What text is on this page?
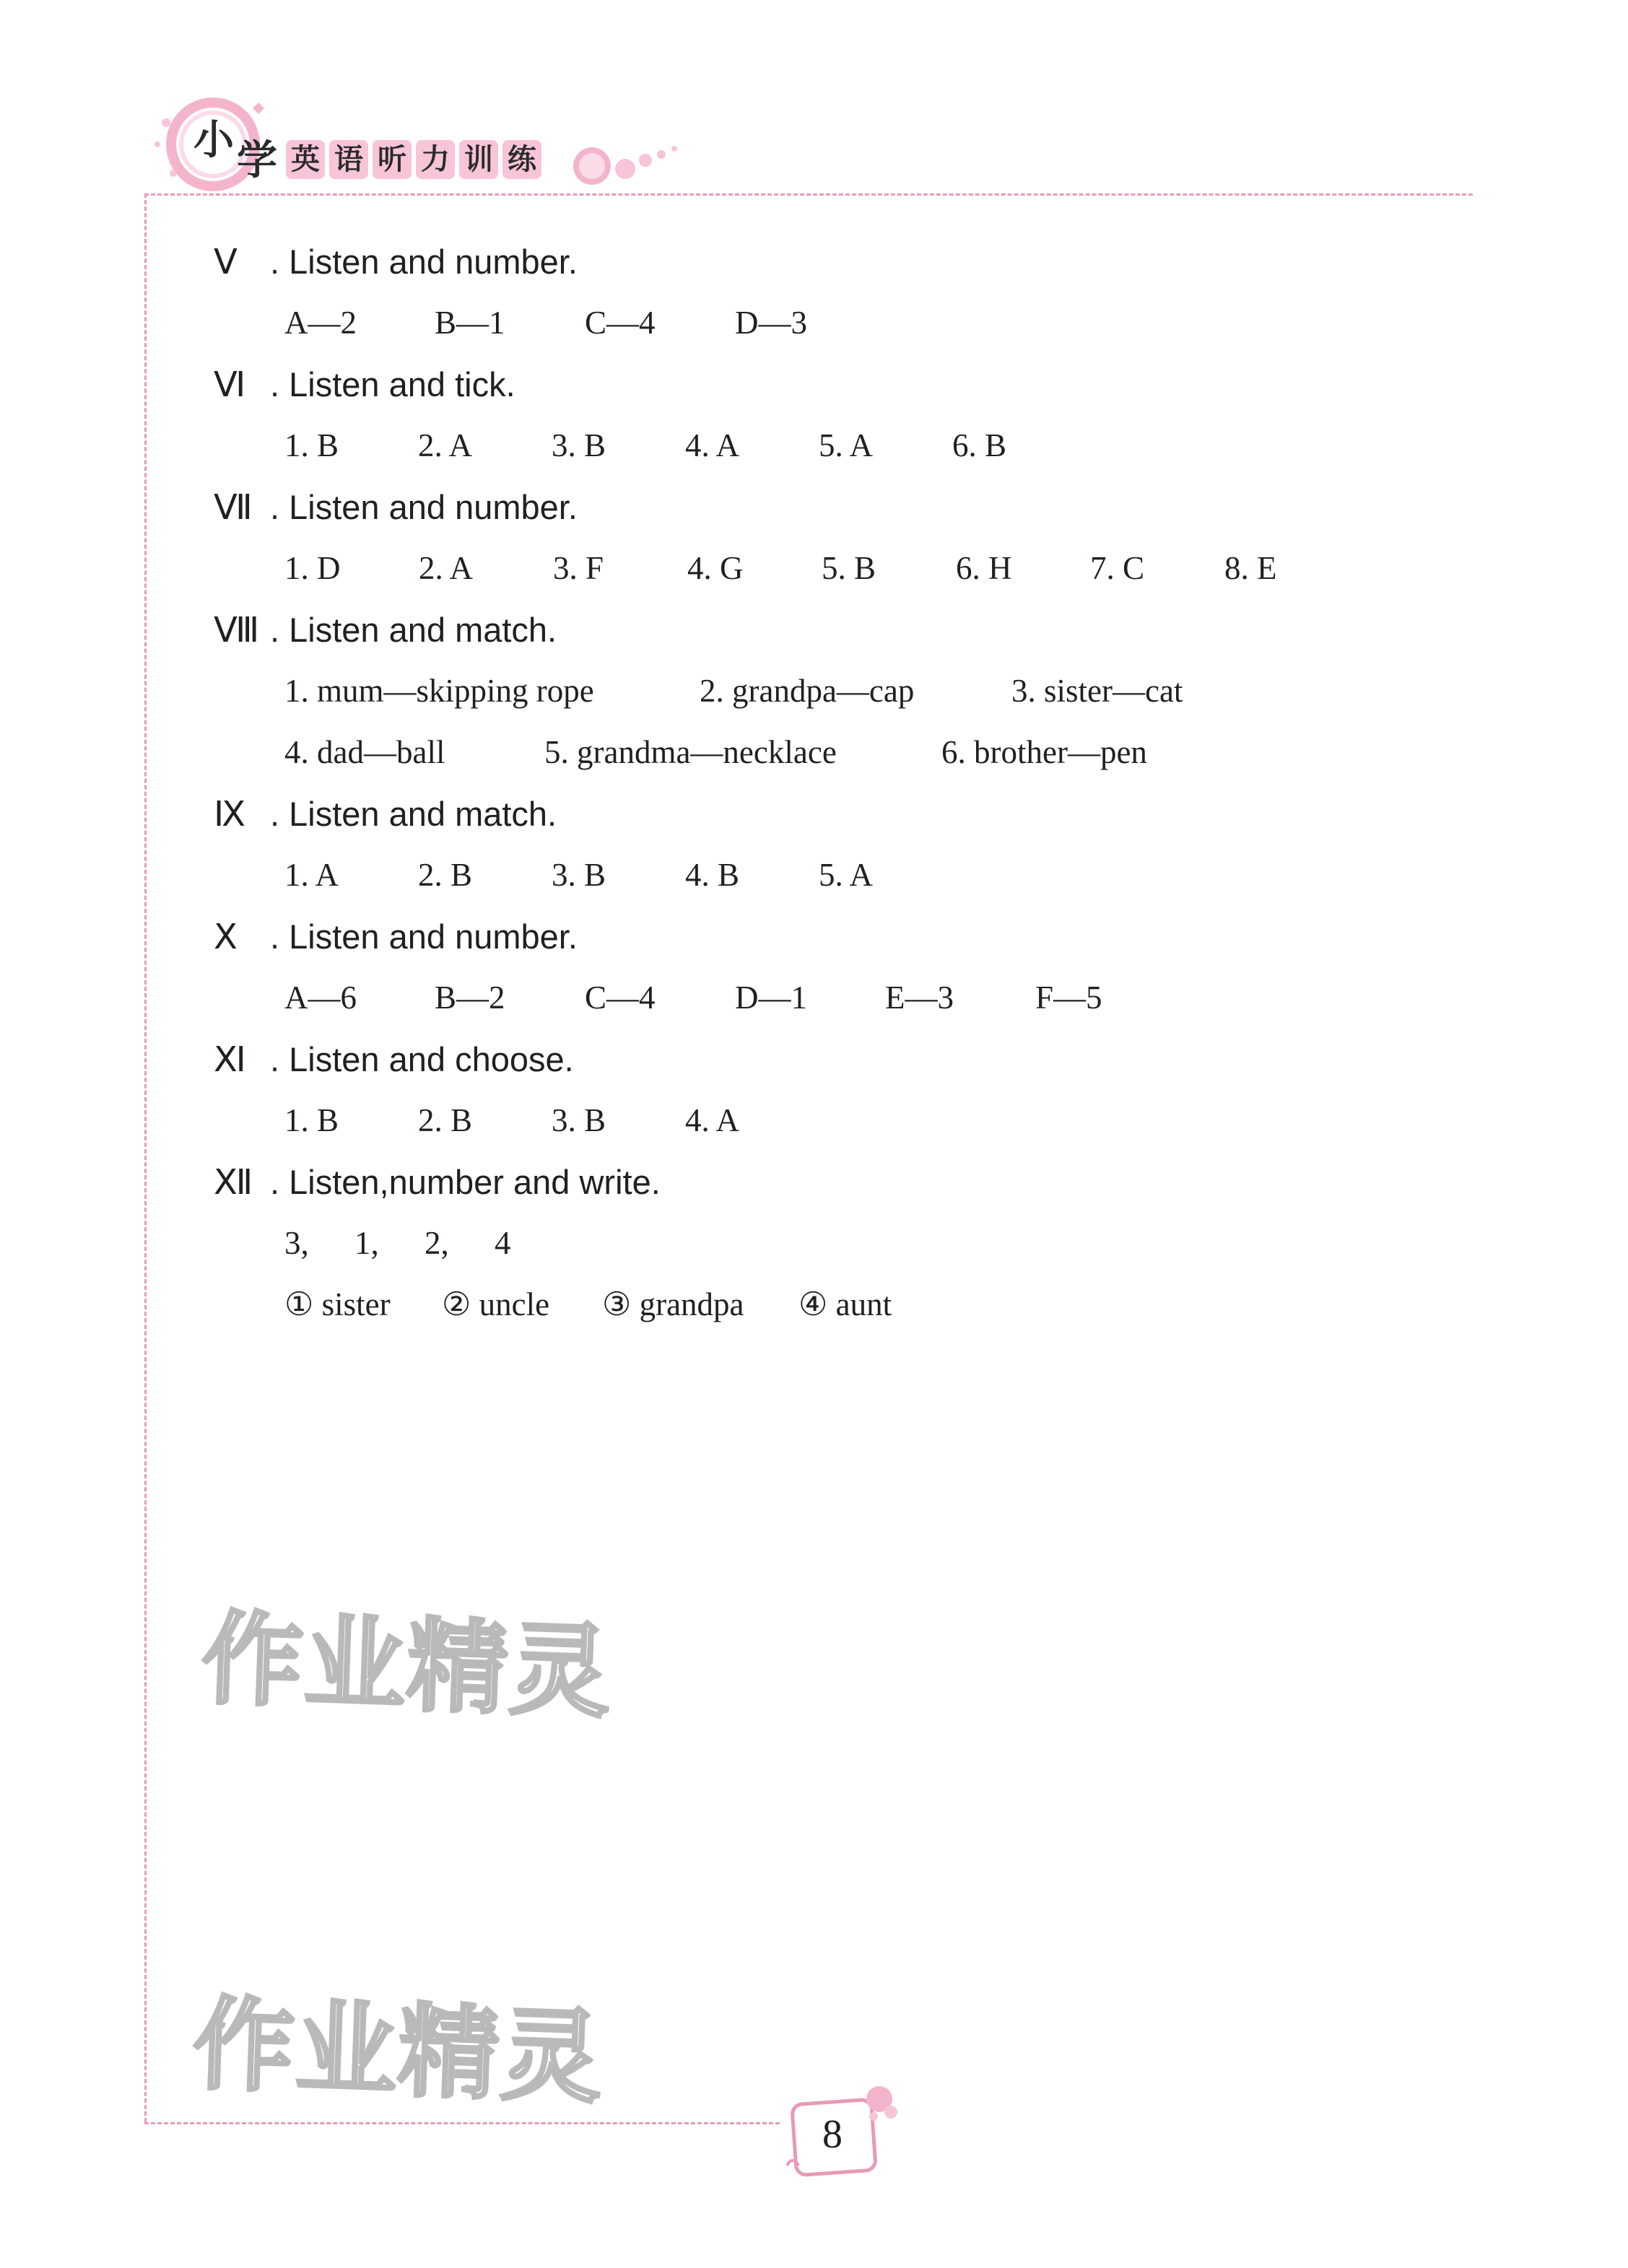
小 学 英 语 听 力 训 练
Ⅴ . Listen and number.
A—2 B—1 C—4 D—3
Ⅵ . Listen and tick.
1. B 2. A 3. B 4. A 5. A 6. B
Ⅶ . Listen and number.
1. D 2. A 3. F	4. G 5. B 6. H 7. C 8. E
Ⅷ . Listen and match.
1. mum—skipping rope	2. grandpa—cap	3. sister—cat
4. dad—ball	5. grandma—necklace	6. brother—pen
Ⅸ . Listen and match.
1. A 2. B 3. B 4. B 5. A
Ⅹ . Listen and number.
A—6 B—2 C—4 D—1 E—3	F—5
Ⅺ . Listen and choose.
1. B 2. B 3. B 4. A
Ⅻ . Listen,number and write.
3, 1, 2, 4
① sister ② uncle ③ grandpa ④ aunt
作业精灵
作业精灵
8
